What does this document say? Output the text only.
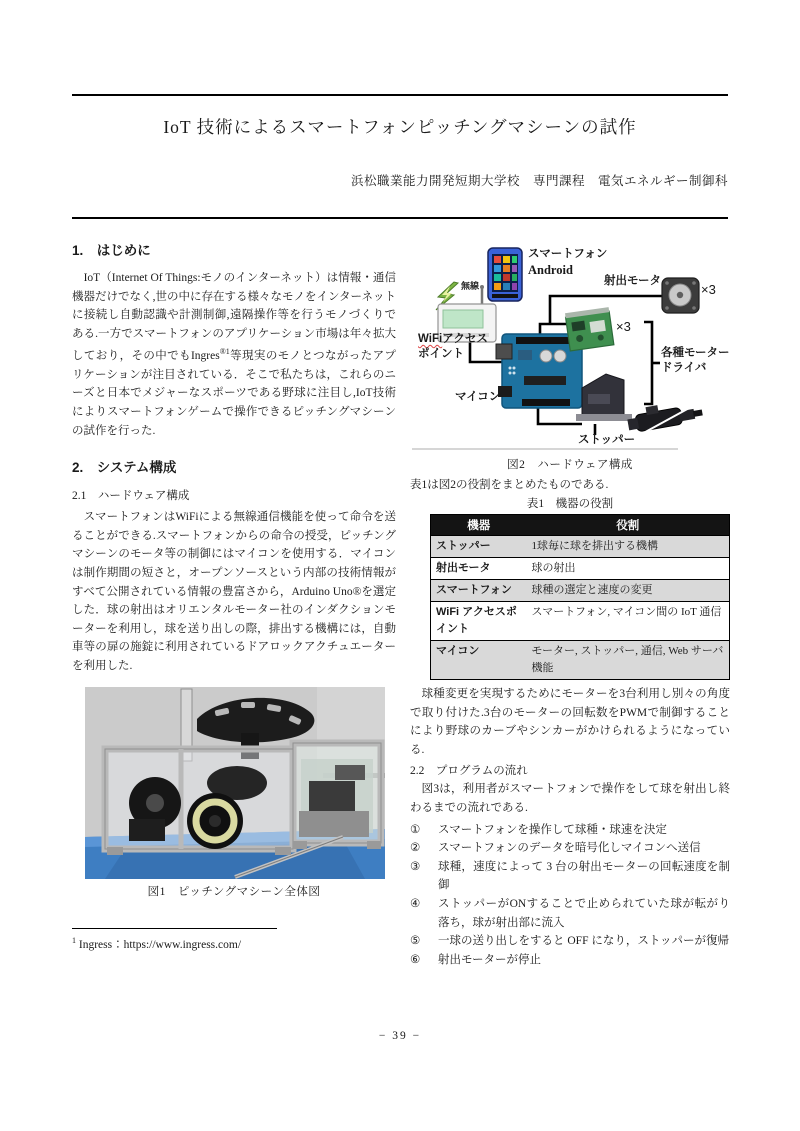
IoT 技術によるスマートフォンピッチングマシーンの試作
浜松職業能力開発短期大学校　専門課程　電気エネルギー制御科
1.　はじめに

　IoT（Internet Of Things:モノのインターネット）は情報・通信機器だけでなく,世の中に存在する様々なモノをインターネットに接続し自動認識や計測制御,遠隔操作等を行うモノづくりである.一方でスマートフォンのアプリケーション市場は年々拡大しており，その中でもIngres$^{®1}$等現実のモノとつながったアプリケーションが注目されている．そこで私たちは，これらのニーズと日本でメジャーなスポーツである野球に注目し,IoT技術によりスマートフォンゲームで操作できるピッチングマシーンの試作を行った.

2.　システム構成
2.1　ハードウェア構成

　スマートフォンはWiFiによる無線通信機能を使って命令を送ることができる.スマートフォンからの命令の授受，ピッチングマシーンのモータ等の制御にはマイコンを使用する．マイコンは制作期間の短さと，オープンソースという内部の技術情報がすべて公開されている情報の豊富さから，Arduino Uno®を選定した．球の射出はオリエンタルモーター社のインダクションモーターを利用し，球を送り出しの際，排出する機構には，自動車等の扉の施錠に利用されているドアロックアクチュエーターを利用した.

図1　ピッチングマシーン全体図
$^1$ Ingress：https://www.ingress.com/
無線
スマートフォン
Android
射出モータ
×3
×3
WiFiアクセス
ポイント
マイコン
各種モーター
ドライバ
ストッパー
図2　ハードウェア構成

表1は図2の役割をまとめたものである.

表1　機器の役割
機器	役割
ストッパー	1球毎に球を排出する機構
射出モータ	球の射出
スマートフォン	球種の選定と速度の変更
WiFi アクセスポイント	スマートフォン, マイコン間の IoT 通信
マイコン	モーター, ストッパー, 通信, Web サーバ機能

　球種変更を実現するためにモーターを3台利用し別々の角度で取り付けた.3台のモーターの回転数をPWMで制御することにより野球のカーブやシンカーがかけられるようになっている.

2.2　プログラムの流れ

　図3は，利用者がスマートフォンで操作をして球を射出し終わるまでの流れである.

①	スマートフォンを操作して球種・球速を決定
②	スマートフォンのデータを暗号化しマイコンへ送信
③	球種，速度によって 3 台の射出モーターの回転速度を制御
④	ストッパーがONすることで止められていた球が転がり落ち，球が射出部に流入
⑤	一球の送り出しをすると OFF になり，ストッパーが復帰
⑥	射出モーターが停止
− 39 −
